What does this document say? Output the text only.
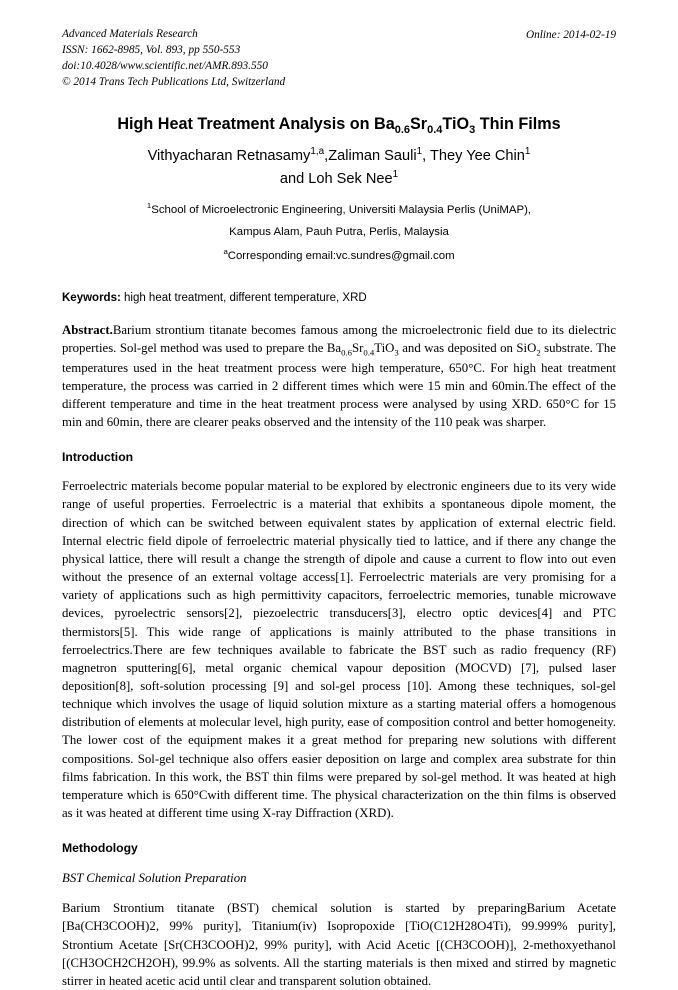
Advanced Materials Research
ISSN: 1662-8985, Vol. 893, pp 550-553
doi:10.4028/www.scientific.net/AMR.893.550
© 2014 Trans Tech Publications Ltd, Switzerland
Online: 2014-02-19
High Heat Treatment Analysis on $Ba_{0.6}Sr_{0.4}TiO_3$ Thin Films
Vithyacharan Retnasamy$^{1,a}$,Zaliman Sauli$^1$, They Yee Chin$^1$
and Loh Sek Nee$^1$
$^1$School of Microelectronic Engineering, Universiti Malaysia Perlis (UniMAP),
Kampus Alam, Pauh Putra, Perlis, Malaysia
$^a$Corresponding email:vc.sundres@gmail.com
Keywords: high heat treatment, different temperature, XRD
Abstract.Barium strontium titanate becomes famous among the microelectronic field due to its dielectric properties. Sol-gel method was used to prepare the $Ba_{0.6}Sr_{0.4}TiO_3$ and was deposited on SiO$_2$ substrate. The temperatures used in the heat treatment process were high temperature, 650°C. For high heat treatment temperature, the process was carried in 2 different times which were 15 min and 60min.The effect of the different temperature and time in the heat treatment process were analysed by using XRD. 650°C for 15 min and 60min, there are clearer peaks observed and the intensity of the 110 peak was sharper.
Introduction

Ferroelectric materials become popular material to be explored by electronic engineers due to its very wide range of useful properties. Ferroelectric is a material that exhibits a spontaneous dipole moment, the direction of which can be switched between equivalent states by application of external electric field. Internal electric field dipole of ferroelectric material physically tied to lattice, and if there any change the physical lattice, there will result a change the strength of dipole and cause a current to flow into out even without the presence of an external voltage access[1]. Ferroelectric materials are very promising for a variety of applications such as high permittivity capacitors, ferroelectric memories, tunable microwave devices, pyroelectric sensors[2], piezoelectric transducers[3], electro optic devices[4] and PTC thermistors[5]. This wide range of applications is mainly attributed to the phase transitions in ferroelectrics.There are few techniques available to fabricate the BST such as radio frequency (RF) magnetron sputtering[6], metal organic chemical vapour deposition (MOCVD) [7], pulsed laser deposition[8], soft-solution processing [9] and sol-gel process [10]. Among these techniques, sol-gel technique which involves the usage of liquid solution mixture as a starting material offers a homogenous distribution of elements at molecular level, high purity, ease of composition control and better homogeneity. The lower cost of the equipment makes it a great method for preparing new solutions with different compositions. Sol-gel technique also offers easier deposition on large and complex area substrate for thin films fabrication. In this work, the BST thin films were prepared by sol-gel method. It was heated at high temperature which is 650°Cwith different time. The physical characterization on the thin films is observed as it was heated at different time using X-ray Diffraction (XRD).

Methodology
BST Chemical Solution Preparation

Barium Strontium titanate (BST) chemical solution is started by preparingBarium Acetate [Ba(CH3COOH)2, 99% purity], Titanium(iv) Isopropoxide [TiO(C12H28O4Ti), 99.999% purity], Strontium Acetate [Sr(CH3COOH)2, 99% purity], with Acid Acetic [(CH3COOH)], 2-methoxyethanol [(CH3OCH2CH2OH), 99.9% as solvents. All the starting materials is then mixed and stirred by magnetic stirrer in heated acetic acid until clear and transparent solution obtained.
